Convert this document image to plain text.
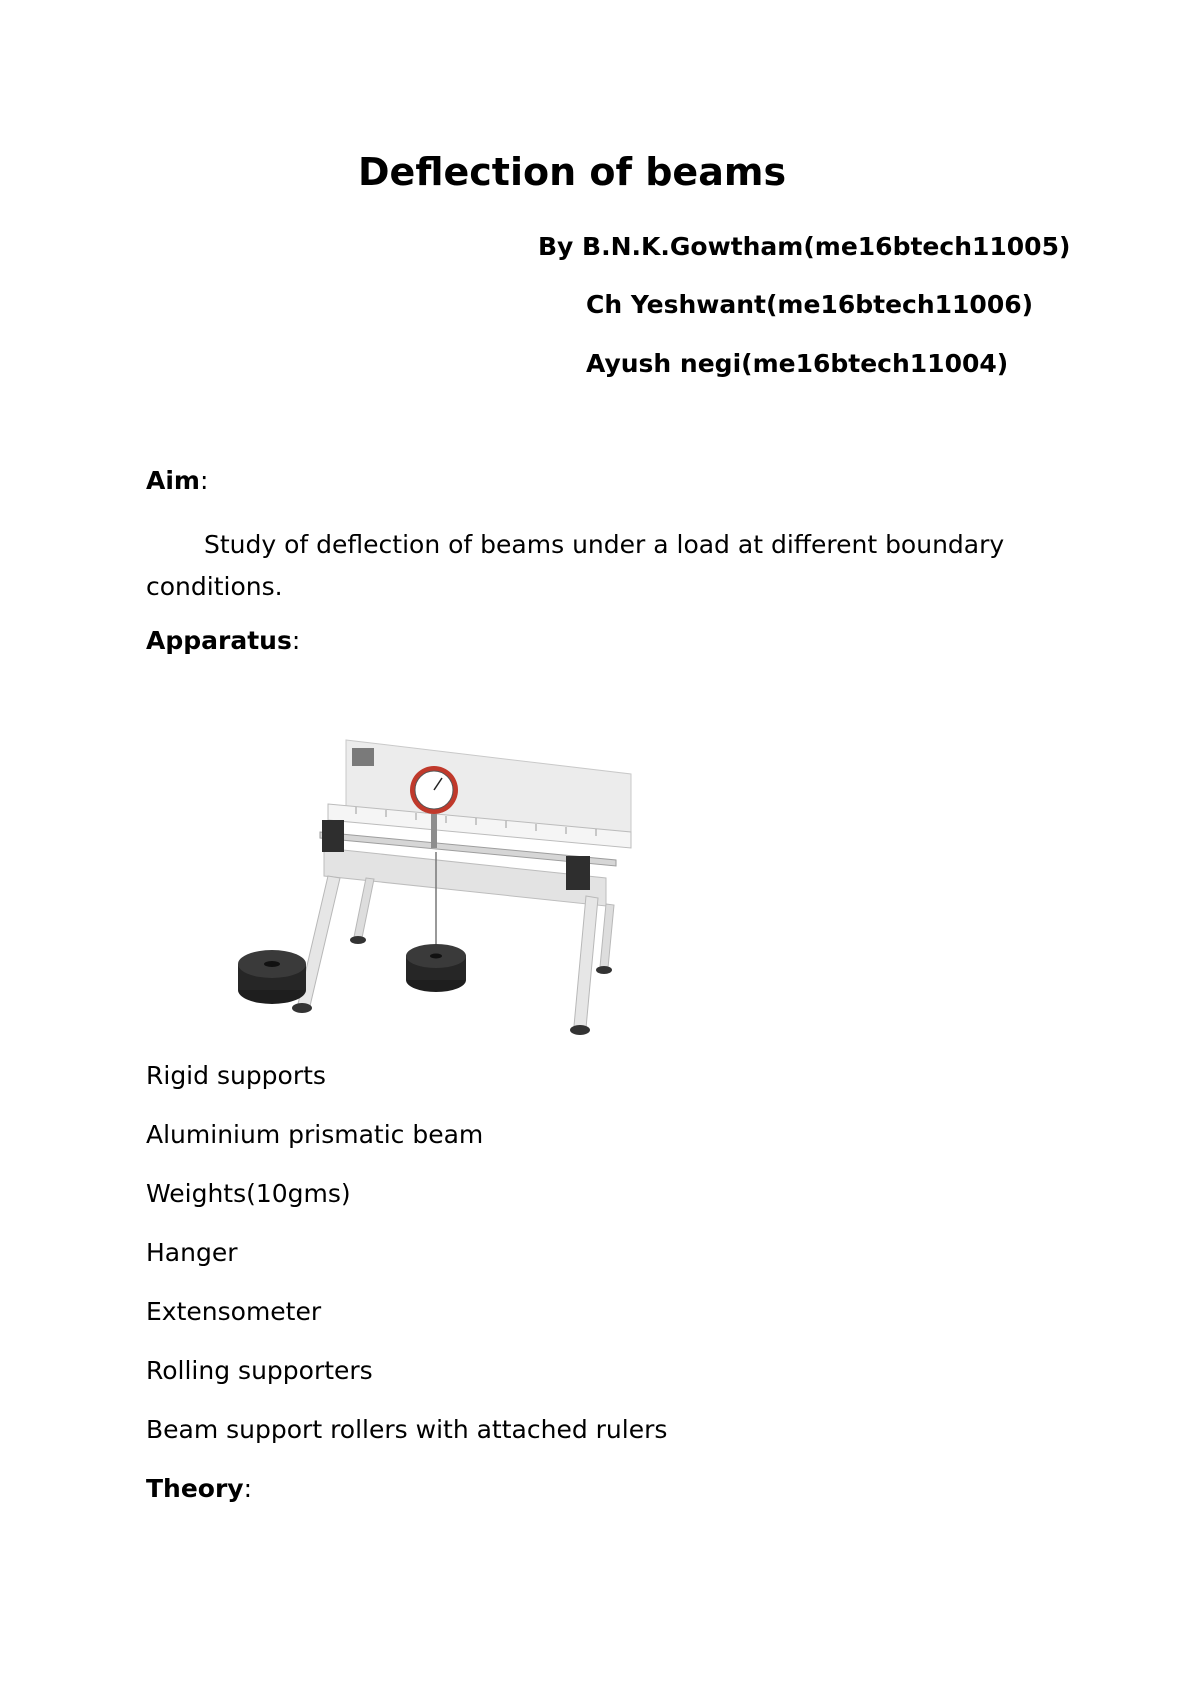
Deflection of beams
By B.N.K.Gowtham(me16btech11005)
Ch Yeshwant(me16btech11006)
Ayush negi(me16btech11004)
Aim:
Study of deflection of beams under a load at different boundary conditions.
Apparatus:
Rigid supports
Aluminium prismatic beam
Weights(10gms)
Hanger
Extensometer
Rolling supporters
Beam support rollers with attached rulers
Theory:
